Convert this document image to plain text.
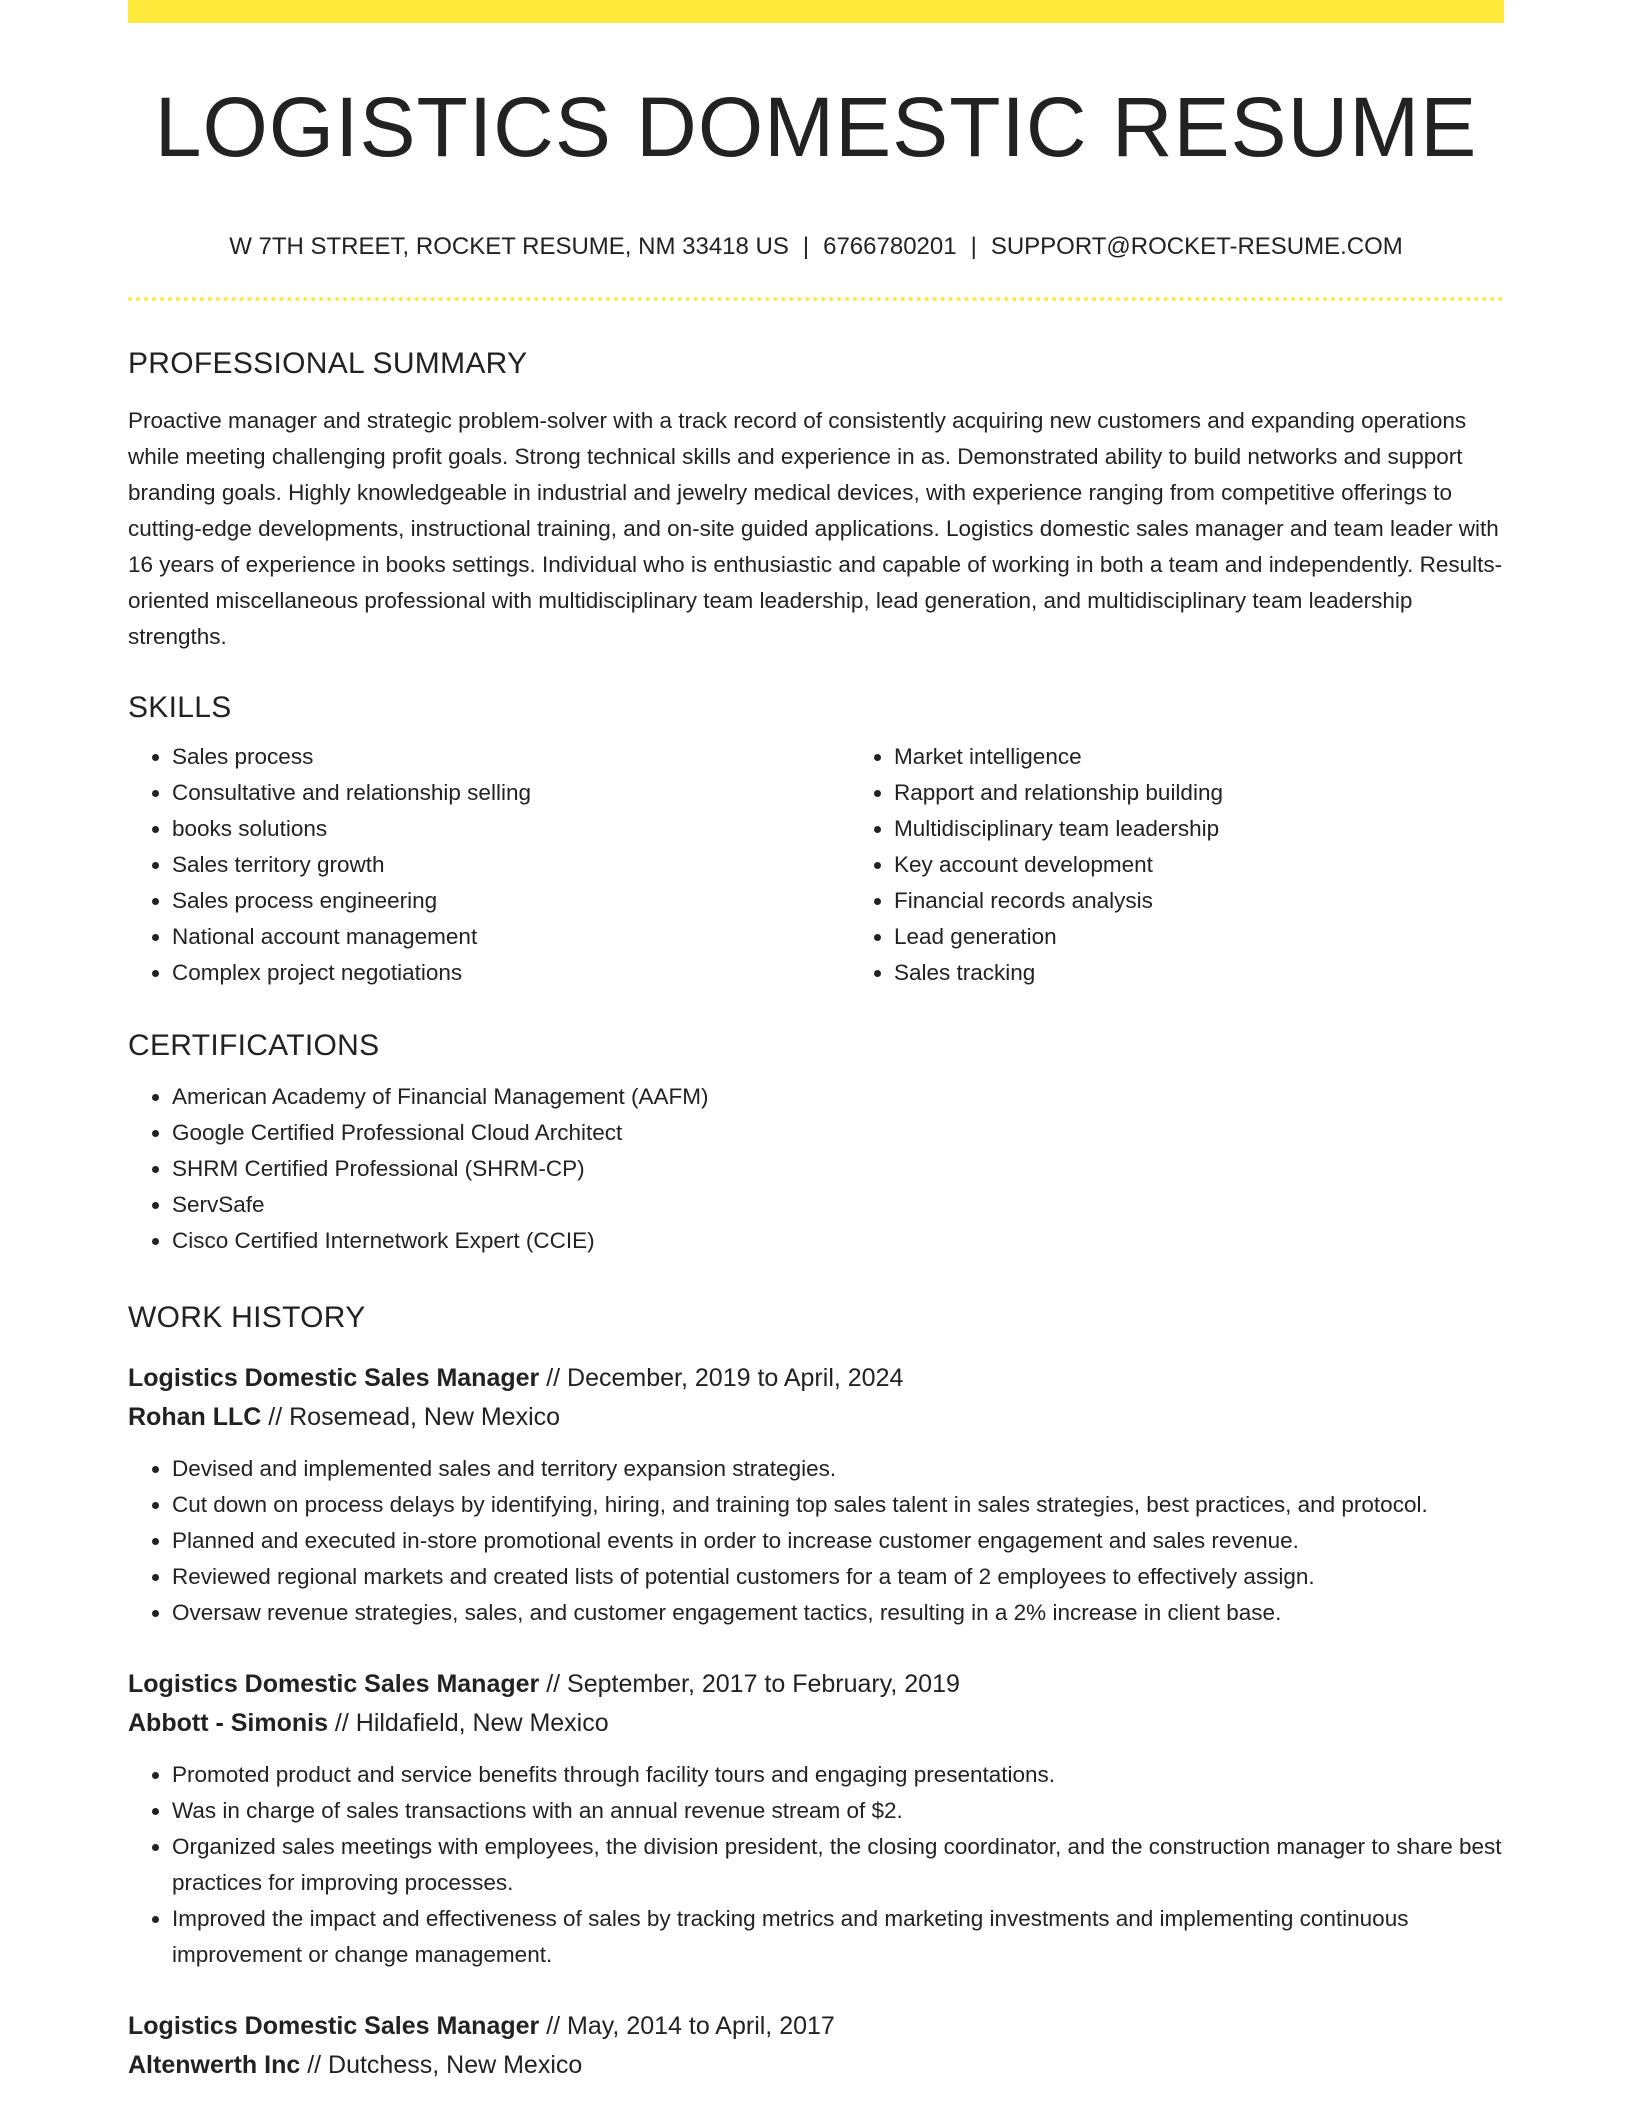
LOGISTICS DOMESTIC RESUME
W 7TH STREET, ROCKET RESUME, NM 33418 US | 6766780201 | SUPPORT@ROCKET-RESUME.COM
PROFESSIONAL SUMMARY

Proactive manager and strategic problem-solver with a track record of consistently acquiring new customers and expanding operations while meeting challenging profit goals. Strong technical skills and experience in as. Demonstrated ability to build networks and support branding goals. Highly knowledgeable in industrial and jewelry medical devices, with experience ranging from competitive offerings to cutting-edge developments, instructional training, and on-site guided applications. Logistics domestic sales manager and team leader with 16 years of experience in books settings. Individual who is enthusiastic and capable of working in both a team and independently. Results-oriented miscellaneous professional with multidisciplinary team leadership, lead generation, and multidisciplinary team leadership strengths.

SKILLS
• Sales process
• Consultative and relationship selling
• books solutions
• Sales territory growth
• Sales process engineering
• National account management
• Complex project negotiations
• Market intelligence
• Rapport and relationship building
• Multidisciplinary team leadership
• Key account development
• Financial records analysis
• Lead generation
• Sales tracking
CERTIFICATIONS
• American Academy of Financial Management (AAFM)
• Google Certified Professional Cloud Architect
• SHRM Certified Professional (SHRM-CP)
• ServSafe
• Cisco Certified Internetwork Expert (CCIE)
WORK HISTORY
Logistics Domestic Sales Manager // December, 2019 to April, 2024
Rohan LLC // Rosemead, New Mexico
• Devised and implemented sales and territory expansion strategies.
• Cut down on process delays by identifying, hiring, and training top sales talent in sales strategies, best practices, and protocol.
• Planned and executed in-store promotional events in order to increase customer engagement and sales revenue.
• Reviewed regional markets and created lists of potential customers for a team of 2 employees to effectively assign.
• Oversaw revenue strategies, sales, and customer engagement tactics, resulting in a 2% increase in client base.
Logistics Domestic Sales Manager // September, 2017 to February, 2019
Abbott - Simonis // Hildafield, New Mexico
• Promoted product and service benefits through facility tours and engaging presentations.
• Was in charge of sales transactions with an annual revenue stream of $2.
• Organized sales meetings with employees, the division president, the closing coordinator, and the construction manager to share best practices for improving processes.
• Improved the impact and effectiveness of sales by tracking metrics and marketing investments and implementing continuous improvement or change management.
Logistics Domestic Sales Manager // May, 2014 to April, 2017
Altenwerth Inc // Dutchess, New Mexico
